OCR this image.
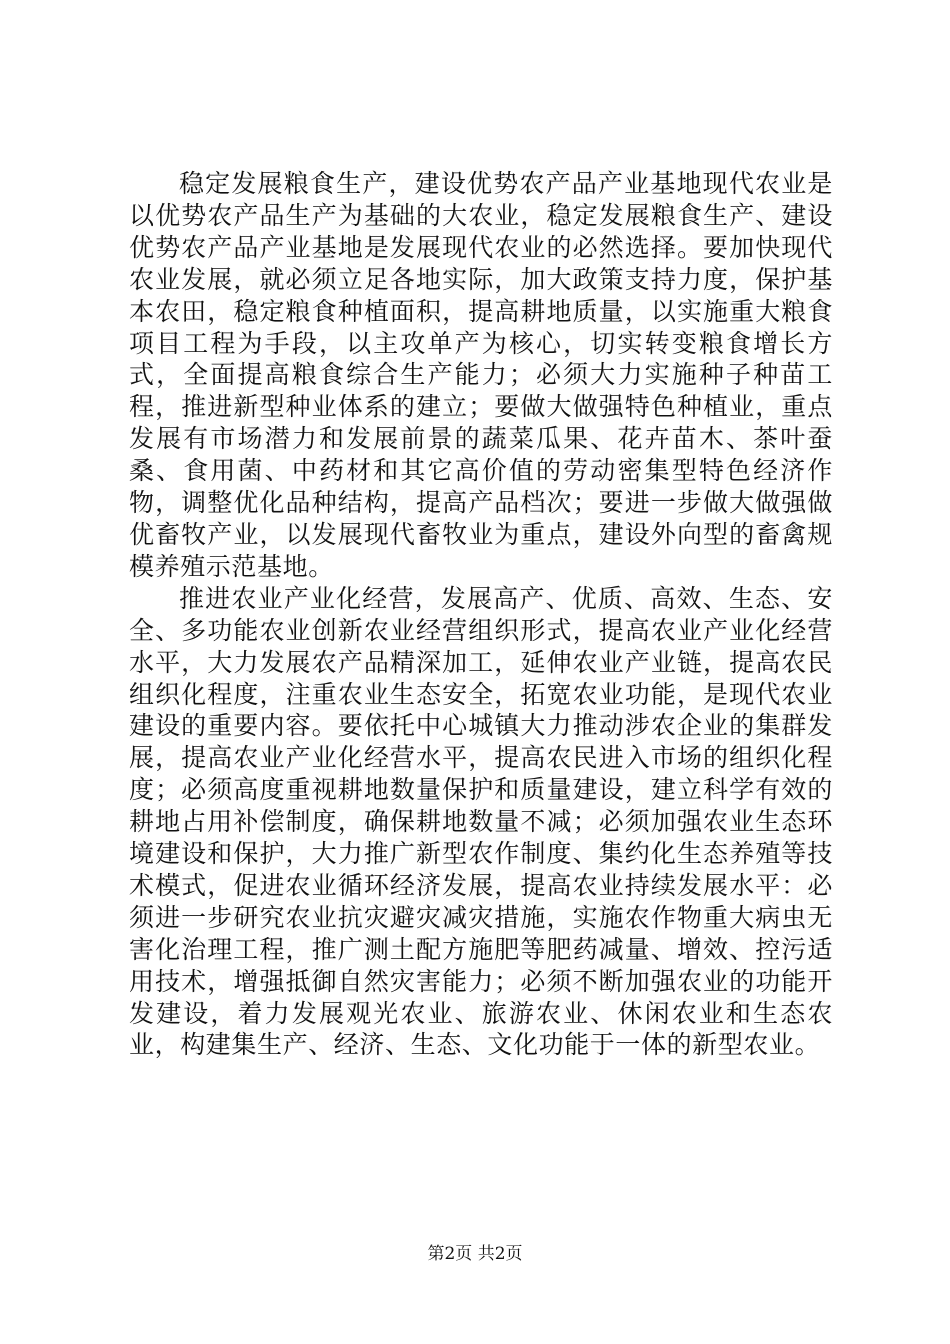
稳定发展粮食生产，建设优势农产品产业基地现代农业是以优势农产品生产为基础的大农业，稳定发展粮食生产、建设优势农产品产业基地是发展现代农业的必然选择。要加快现代农业发展，就必须立足各地实际，加大政策支持力度，保护基本农田，稳定粮食种植面积，提高耕地质量，以实施重大粮食项目工程为手段，以主攻单产为核心，切实转变粮食增长方式，全面提高粮食综合生产能力；必须大力实施种子种苗工程，推进新型种业体系的建立；要做大做强特色种植业，重点发展有市场潜力和发展前景的蔬菜瓜果、花卉苗木、茶叶蚕桑、食用菌、中药材和其它高价值的劳动密集型特色经济作物，调整优化品种结构，提高产品档次；要进一步做大做强做优畜牧产业，以发展现代畜牧业为重点，建设外向型的畜禽规模养殖示范基地。

推进农业产业化经营，发展高产、优质、高效、生态、安全、多功能农业创新农业经营组织形式，提高农业产业化经营水平，大力发展农产品精深加工，延伸农业产业链，提高农民组织化程度，注重农业生态安全，拓宽农业功能，是现代农业建设的重要内容。要依托中心城镇大力推动涉农企业的集群发展，提高农业产业化经营水平，提高农民进入市场的组织化程度；必须高度重视耕地数量保护和质量建设，建立科学有效的耕地占用补偿制度，确保耕地数量不减；必须加强农业生态环境建设和保护，大力推广新型农作制度、集约化生态养殖等技术模式，促进农业循环经济发展，提高农业持续发展水平：必须进一步研究农业抗灾避灾减灾措施，实施农作物重大病虫无害化治理工程，推广测土配方施肥等肥药减量、增效、控污适用技术，增强抵御自然灾害能力；必须不断加强农业的功能开发建设，着力发展观光农业、旅游农业、休闲农业和生态农业，构建集生产、经济、生态、文化功能于一体的新型农业。

第2页 共2页
